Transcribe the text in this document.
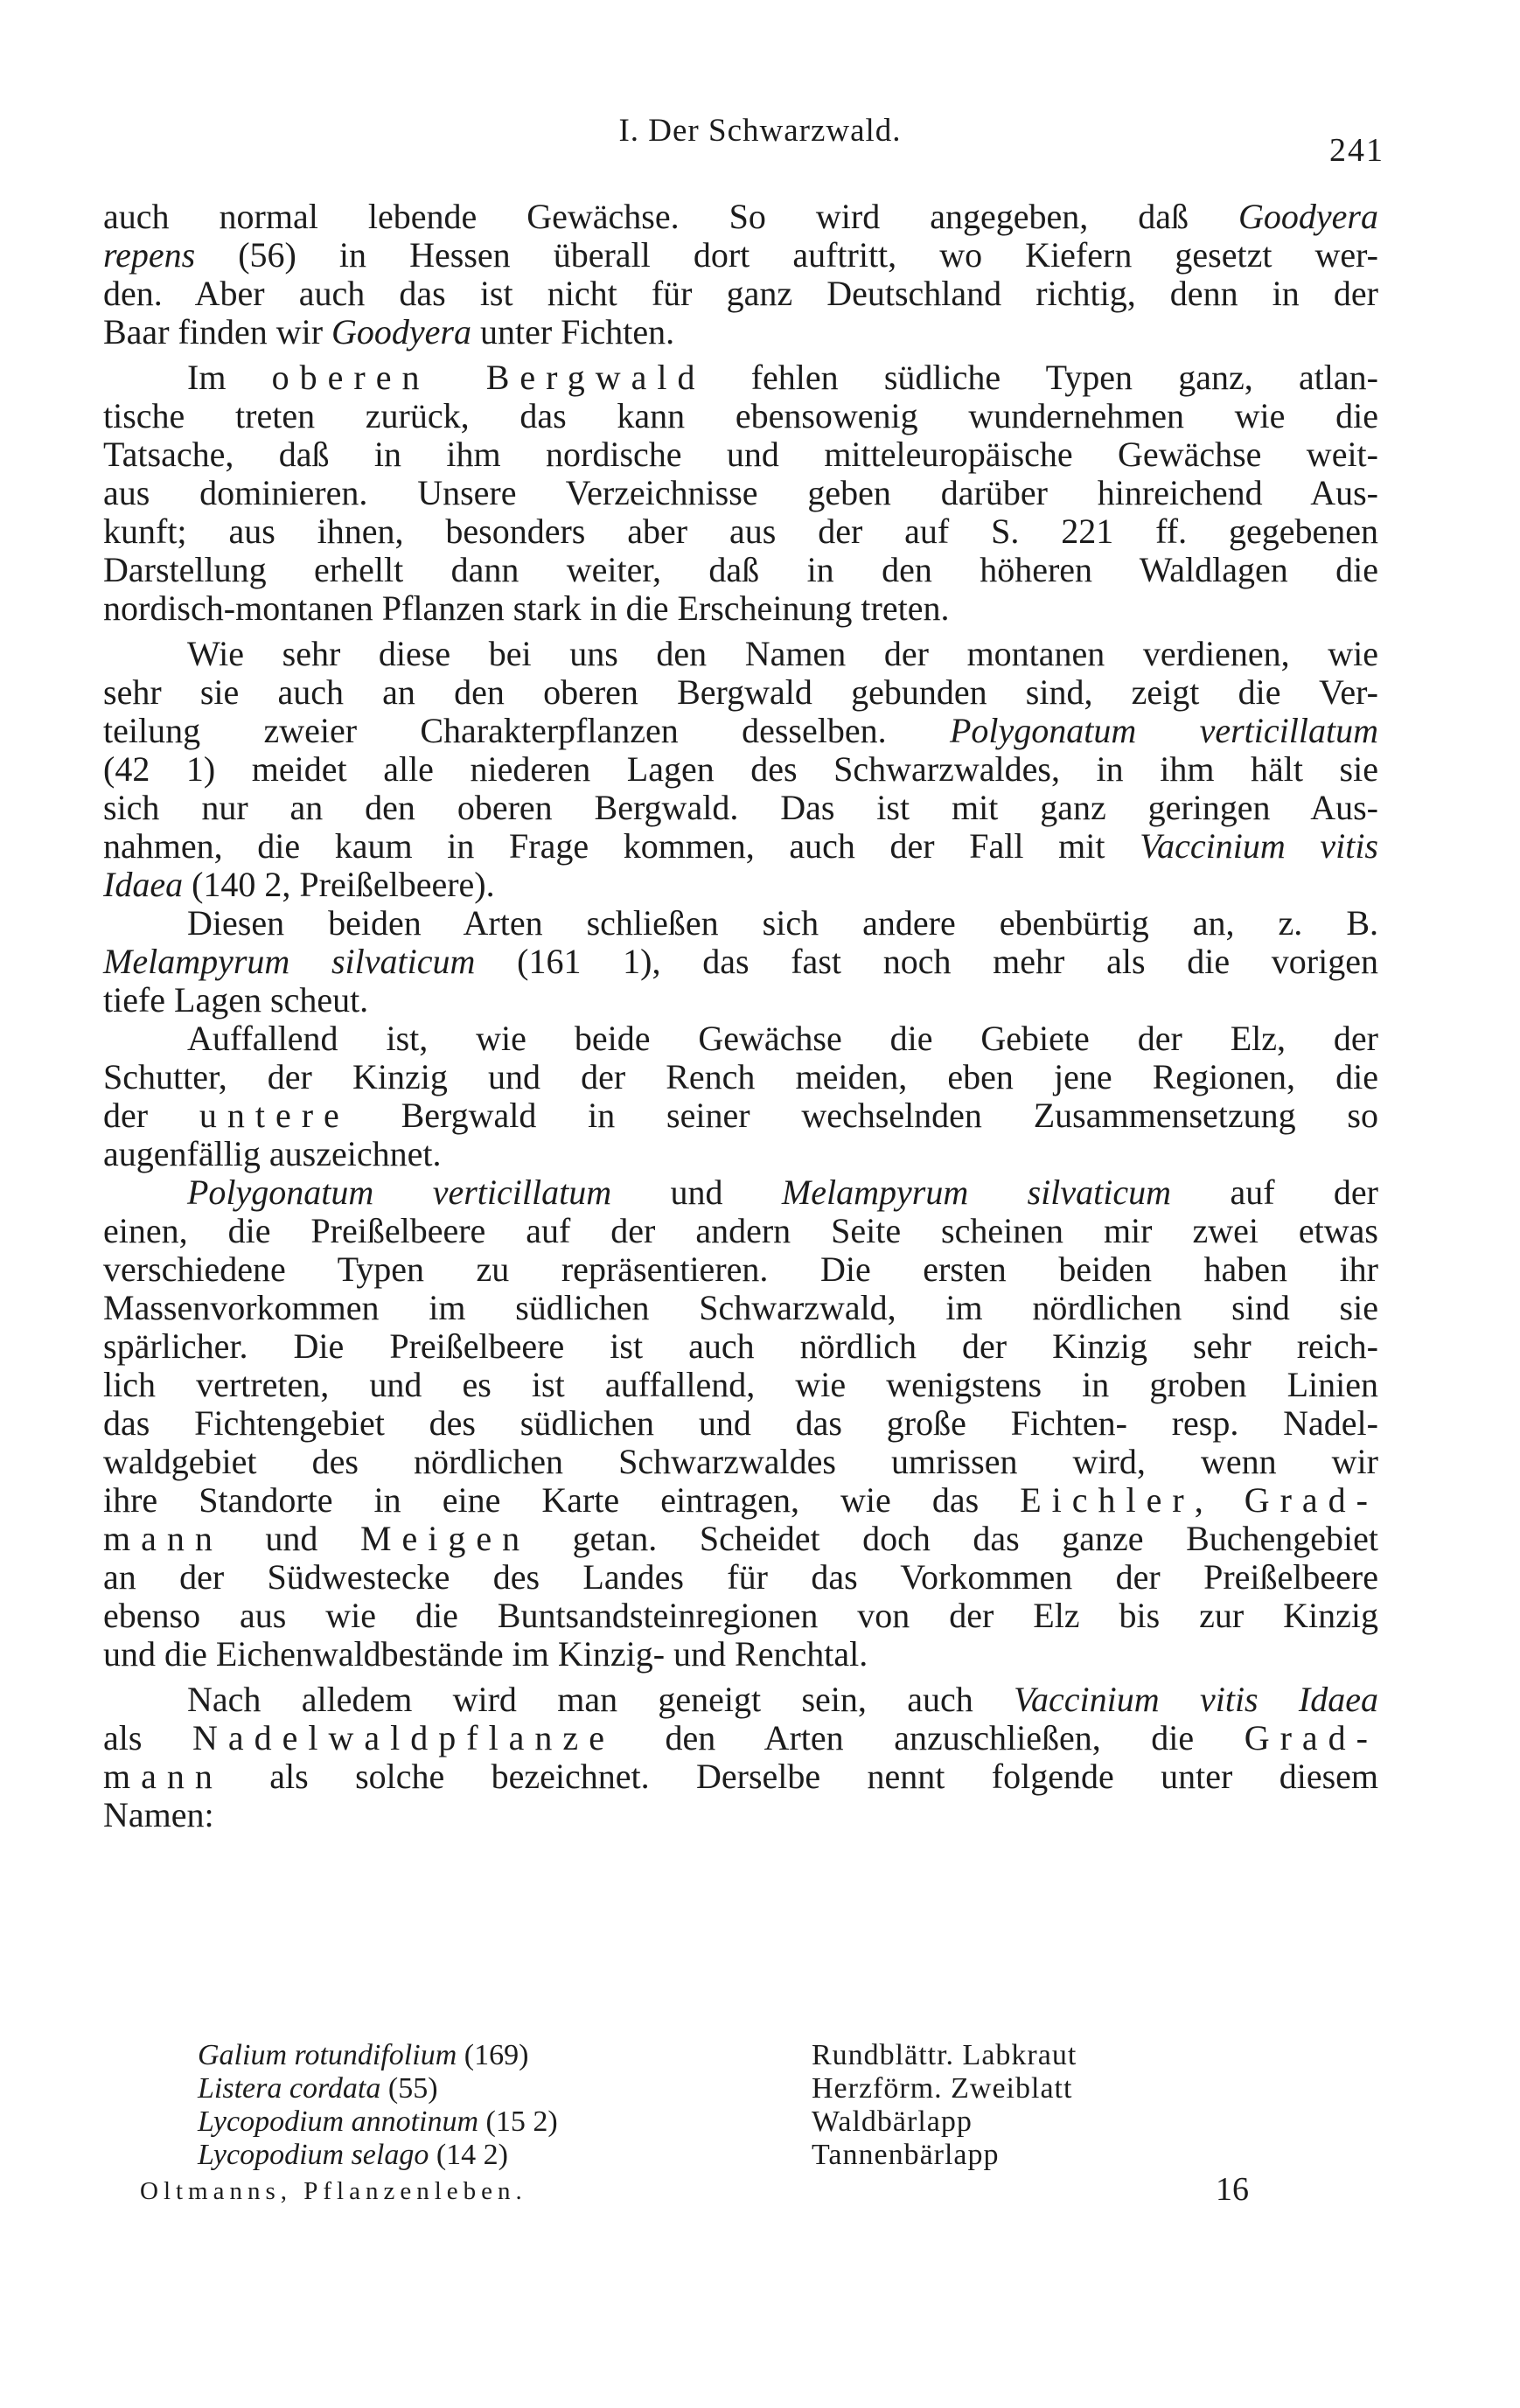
I. Der Schwarzwald.
241
auch normal lebende Gewächse. So wird angegeben, daß Goodyera
repens (56) in Hessen überall dort auftritt, wo Kiefern gesetzt wer-
den. Aber auch das ist nicht für ganz Deutschland richtig, denn in der
Baar finden wir Goodyera unter Fichten.
Im oberen Bergwald fehlen südliche Typen ganz, atlan-
tische treten zurück, das kann ebensowenig wundernehmen wie die
Tatsache, daß in ihm nordische und mitteleuropäische Gewächse weit-
aus dominieren. Unsere Verzeichnisse geben darüber hinreichend Aus-
kunft; aus ihnen, besonders aber aus der auf S. 221 ff. gegebenen
Darstellung erhellt dann weiter, daß in den höheren Waldlagen die
nordisch-montanen Pflanzen stark in die Erscheinung treten.
Wie sehr diese bei uns den Namen der montanen verdienen, wie
sehr sie auch an den oberen Bergwald gebunden sind, zeigt die Ver-
teilung zweier Charakterpflanzen desselben. Polygonatum verticillatum
(42 1) meidet alle niederen Lagen des Schwarzwaldes, in ihm hält sie
sich nur an den oberen Bergwald. Das ist mit ganz geringen Aus-
nahmen, die kaum in Frage kommen, auch der Fall mit Vaccinium vitis
Idaea (140 2, Preißelbeere).
Diesen beiden Arten schließen sich andere ebenbürtig an, z. B.
Melampyrum silvaticum (161 1), das fast noch mehr als die vorigen
tiefe Lagen scheut.
Auffallend ist, wie beide Gewächse die Gebiete der Elz, der
Schutter, der Kinzig und der Rench meiden, eben jene Regionen, die
der untere Bergwald in seiner wechselnden Zusammensetzung so
augenfällig auszeichnet.
Polygonatum verticillatum und Melampyrum silvaticum auf der
einen, die Preißelbeere auf der andern Seite scheinen mir zwei etwas
verschiedene Typen zu repräsentieren. Die ersten beiden haben ihr
Massenvorkommen im südlichen Schwarzwald, im nördlichen sind sie
spärlicher. Die Preißelbeere ist auch nördlich der Kinzig sehr reich-
lich vertreten, und es ist auffallend, wie wenigstens in groben Linien
das Fichtengebiet des südlichen und das große Fichten- resp. Nadel-
waldgebiet des nördlichen Schwarzwaldes umrissen wird, wenn wir
ihre Standorte in eine Karte eintragen, wie das Eichler, Grad-
mann und Meigen getan. Scheidet doch das ganze Buchengebiet
an der Südwestecke des Landes für das Vorkommen der Preißelbeere
ebenso aus wie die Buntsandsteinregionen von der Elz bis zur Kinzig
und die Eichenwaldbestände im Kinzig- und Renchtal.
Nach alledem wird man geneigt sein, auch Vaccinium vitis Idaea
als Nadelwaldpflanze den Arten anzuschließen, die Grad-
mann als solche bezeichnet. Derselbe nennt folgende unter diesem
Namen:
Galium rotundifolium (169)	Rundblättr. Labkraut
Listera cordata (55)	Herzförm. Zweiblatt
Lycopodium annotinum (15 2)	Waldbärlapp
Lycopodium selago (14 2)	Tannenbärlapp
Oltmanns, Pflanzenleben.	16
